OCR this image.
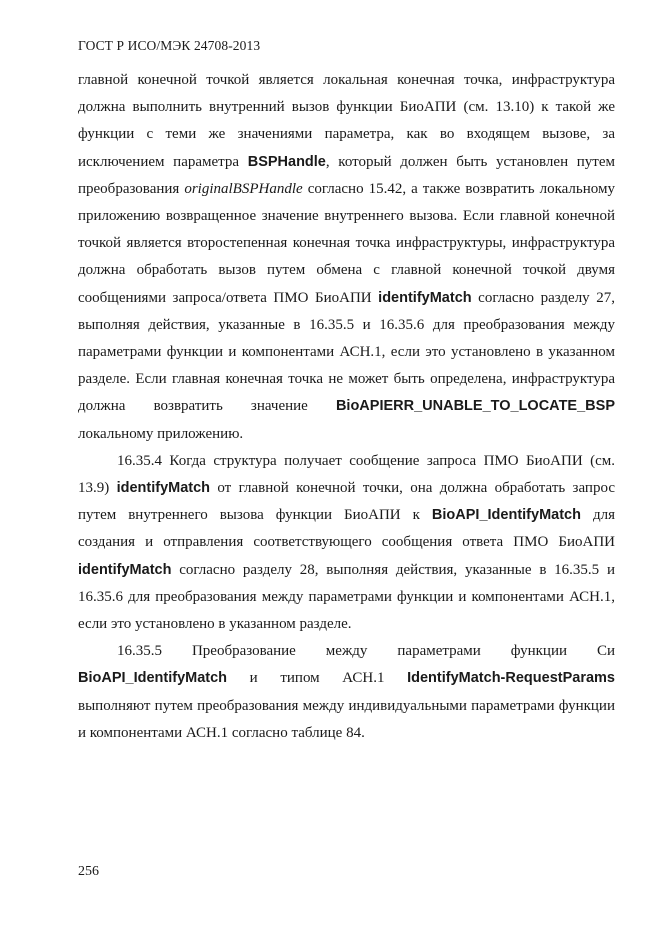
ГОСТ Р ИСО/МЭК 24708-2013

главной конечной точкой является локальная конечная точка, инфраструктура должна выполнить внутренний вызов функции БиоАПИ (см. 13.10) к такой же функции с теми же значениями параметра, как во входящем вызове, за исключением параметра BSPHandle, который должен быть установлен путем преобразования originalBSPHandle согласно 15.42, а также возвратить локальному приложению возвращенное значение внутреннего вызова. Если главной конечной точкой является второстепенная конечная точка инфраструктуры, инфраструктура должна обработать вызов путем обмена с главной конечной точкой двумя сообщениями запроса/ответа ПМО БиоАПИ identifyMatch согласно разделу 27, выполняя действия, указанные в 16.35.5 и 16.35.6 для преобразования между параметрами функции и компонентами АСН.1, если это установлено в указанном разделе. Если главная конечная точка не может быть определена, инфраструктура должна возвратить значение BioAPIERR_UNABLE_TO_LOCATE_BSP локальному приложению.

16.35.4 Когда структура получает сообщение запроса ПМО БиоАПИ (см. 13.9) identifyMatch от главной конечной точки, она должна обработать запрос путем внутреннего вызова функции БиоАПИ к BioAPI_IdentifyMatch для создания и отправления соответствующего сообщения ответа ПМО БиоАПИ identifyMatch согласно разделу 28, выполняя действия, указанные в 16.35.5 и 16.35.6 для преобразования между параметрами функции и компонентами АСН.1, если это установлено в указанном разделе.

16.35.5 Преобразование между параметрами функции Си BioAPI_IdentifyMatch и типом АСН.1 IdentifyMatch-RequestParams выполняют путем преобразования между индивидуальными параметрами функции и компонентами АСН.1 согласно таблице 84.

256
